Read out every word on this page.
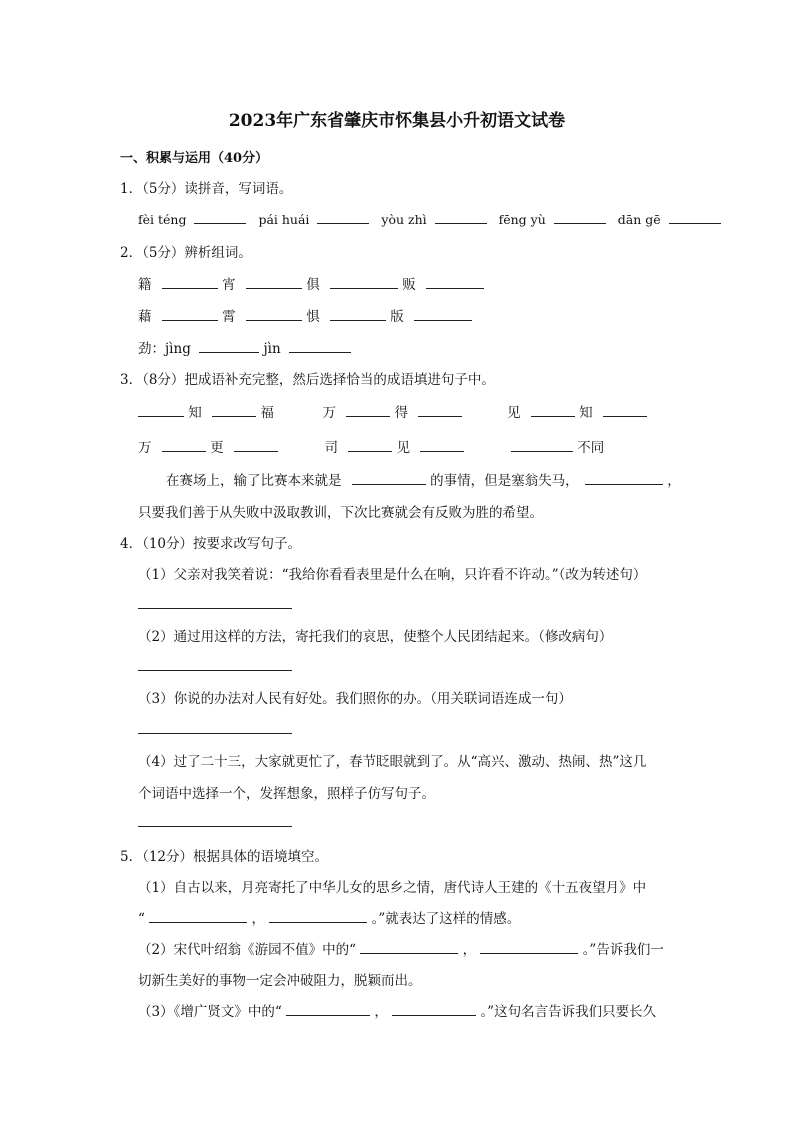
2023年广东省肇庆市怀集县小升初语文试卷
一、积累与运用（40分）
1．（5分）读拼音，写词语。
fèi téng	pái huái	yòu zhì	fēng yù	dān gē
2．（5分）辨析组词。
籍	宵	俱	贩
藉	霄	惧	版
劲：jìng	jìn
3．（8分）把成语补充完整，然后选择恰当的成语填进句子中。
知	福	万	得	见	知
万	更	司	见	不同
在赛场上，输了比赛本来就是	的事情，但是塞翁失马，	，
只要我们善于从失败中汲取教训，下次比赛就会有反败为胜的希望。
4．（10分）按要求改写句子。
（1）父亲对我笑着说：“我给你看看表里是什么在响，只许看不许动。”（改为转述句）
（2）通过用这样的方法，寄托我们的哀思，使整个人民团结起来。（修改病句）
（3）你说的办法对人民有好处。我们照你的办。（用关联词语连成一句）
（4）过了二十三，大家就更忙了，春节眨眼就到了。从“高兴、激动、热闹、热”这几
个词语中选择一个，发挥想象，照样子仿写句子。
5．（12分）根据具体的语境填空。
（1）自古以来，月亮寄托了中华儿女的思乡之情，唐代诗人王建的《十五夜望月》中
“	，	。”就表达了这样的情感。
（2）宋代叶绍翁《游园不值》中的“	，	。”告诉我们一
切新生美好的事物一定会冲破阻力，脱颖而出。
（3）《增广贤文》中的“	，	。”这句名言告诉我们只要长久
